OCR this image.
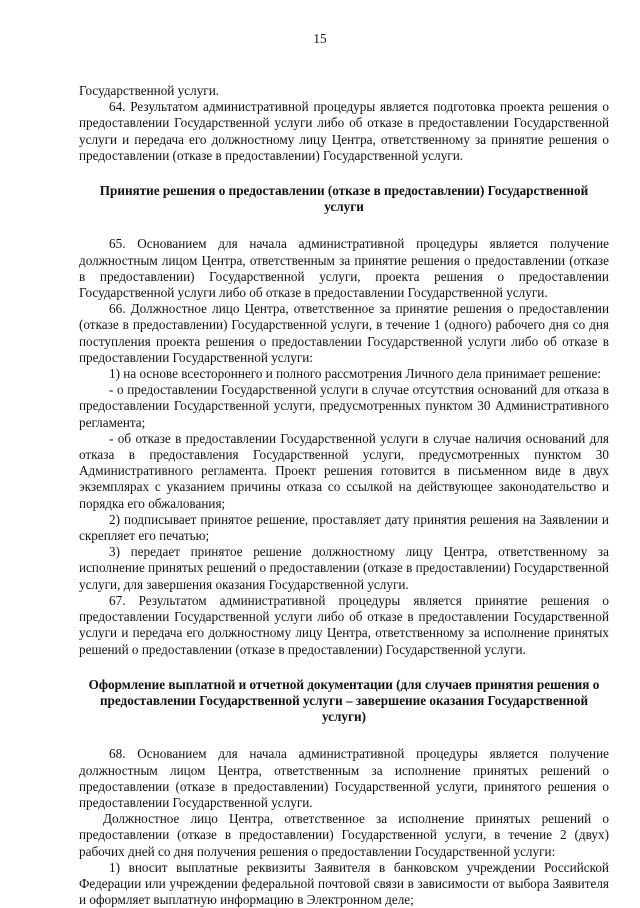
15
Государственной услуги.
64. Результатом административной процедуры является подготовка проекта решения о предоставлении Государственной услуги либо об отказе в предоставлении Государственной услуги и передача его должностному лицу Центра, ответственному за принятие решения о предоставлении (отказе в предоставлении) Государственной услуги.
Принятие решения о предоставлении (отказе в предоставлении) Государственной услуги
65. Основанием для начала административной процедуры является получение должностным лицом Центра, ответственным за принятие решения о предоставлении (отказе в предоставлении) Государственной услуги, проекта решения о предоставлении Государственной услуги либо об отказе в предоставлении Государственной услуги.
66. Должностное лицо Центра, ответственное за принятие решения о предоставлении (отказе в предоставлении) Государственной услуги, в течение 1 (одного) рабочего дня со дня поступления проекта решения о предоставлении Государственной услуги либо об отказе в предоставлении Государственной услуги:
1) на основе всестороннего и полного рассмотрения Личного дела принимает решение:
- о предоставлении Государственной услуги в случае отсутствия оснований для отказа в предоставлении Государственной услуги, предусмотренных пунктом 30 Административного регламента;
- об отказе в предоставлении Государственной услуги в случае наличия оснований для отказа в предоставления Государственной услуги, предусмотренных пунктом 30 Административного регламента. Проект решения готовится в письменном виде в двух экземплярах с указанием причины отказа со ссылкой на действующее законодательство и порядка его обжалования;
2) подписывает принятое решение, проставляет дату принятия решения на Заявлении и скрепляет его печатью;
3) передает принятое решение должностному лицу Центра, ответственному за исполнение принятых решений о предоставлении (отказе в предоставлении) Государственной услуги, для завершения оказания Государственной услуги.
67. Результатом административной процедуры является принятие решения о предоставлении Государственной услуги либо об отказе в предоставлении Государственной услуги и передача его должностному лицу Центра, ответственному за исполнение принятых решений о предоставлении (отказе в предоставлении) Государственной услуги.
Оформление выплатной и отчетной документации (для случаев принятия решения о предоставлении Государственной услуги – завершение оказания Государственной услуги)
68. Основанием для начала административной процедуры является получение должностным лицом Центра, ответственным за исполнение принятых решений о предоставлении (отказе в предоставлении) Государственной услуги, принятого решения о предоставлении Государственной услуги.
Должностное лицо Центра, ответственное за исполнение принятых решений о предоставлении (отказе в предоставлении) Государственной услуги, в течение 2 (двух) рабочих дней со дня получения решения о предоставлении Государственной услуги:
1) вносит выплатные реквизиты Заявителя в банковском учреждении Российской Федерации или учреждении федеральной почтовой связи в зависимости от выбора Заявителя и оформляет выплатную информацию в Электронном деле;
